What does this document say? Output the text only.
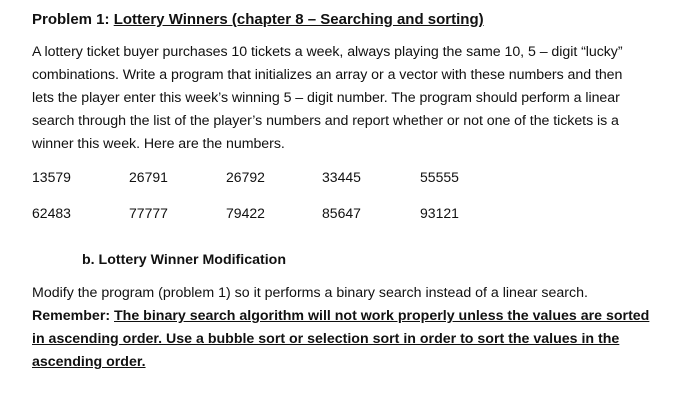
Problem 1: Lottery Winners (chapter 8 – Searching and sorting)
A lottery ticket buyer purchases 10 tickets a week, always playing the same 10, 5 – digit “lucky”
combinations. Write a program that initializes an array or a vector with these numbers and then
lets the player enter this week’s winning 5 – digit number. The program should perform a linear
search through the list of the player’s numbers and report whether or not one of the tickets is a
winner this week. Here are the numbers.
13579	26791	26792	33445	55555
62483	77777	79422	85647	93121
b. Lottery Winner Modification
Modify the program (problem 1) so it performs a binary search instead of a linear search.
Remember: The binary search algorithm will not work properly unless the values are sorted
in ascending order. Use a bubble sort or selection sort in order to sort the values in the
ascending order.
